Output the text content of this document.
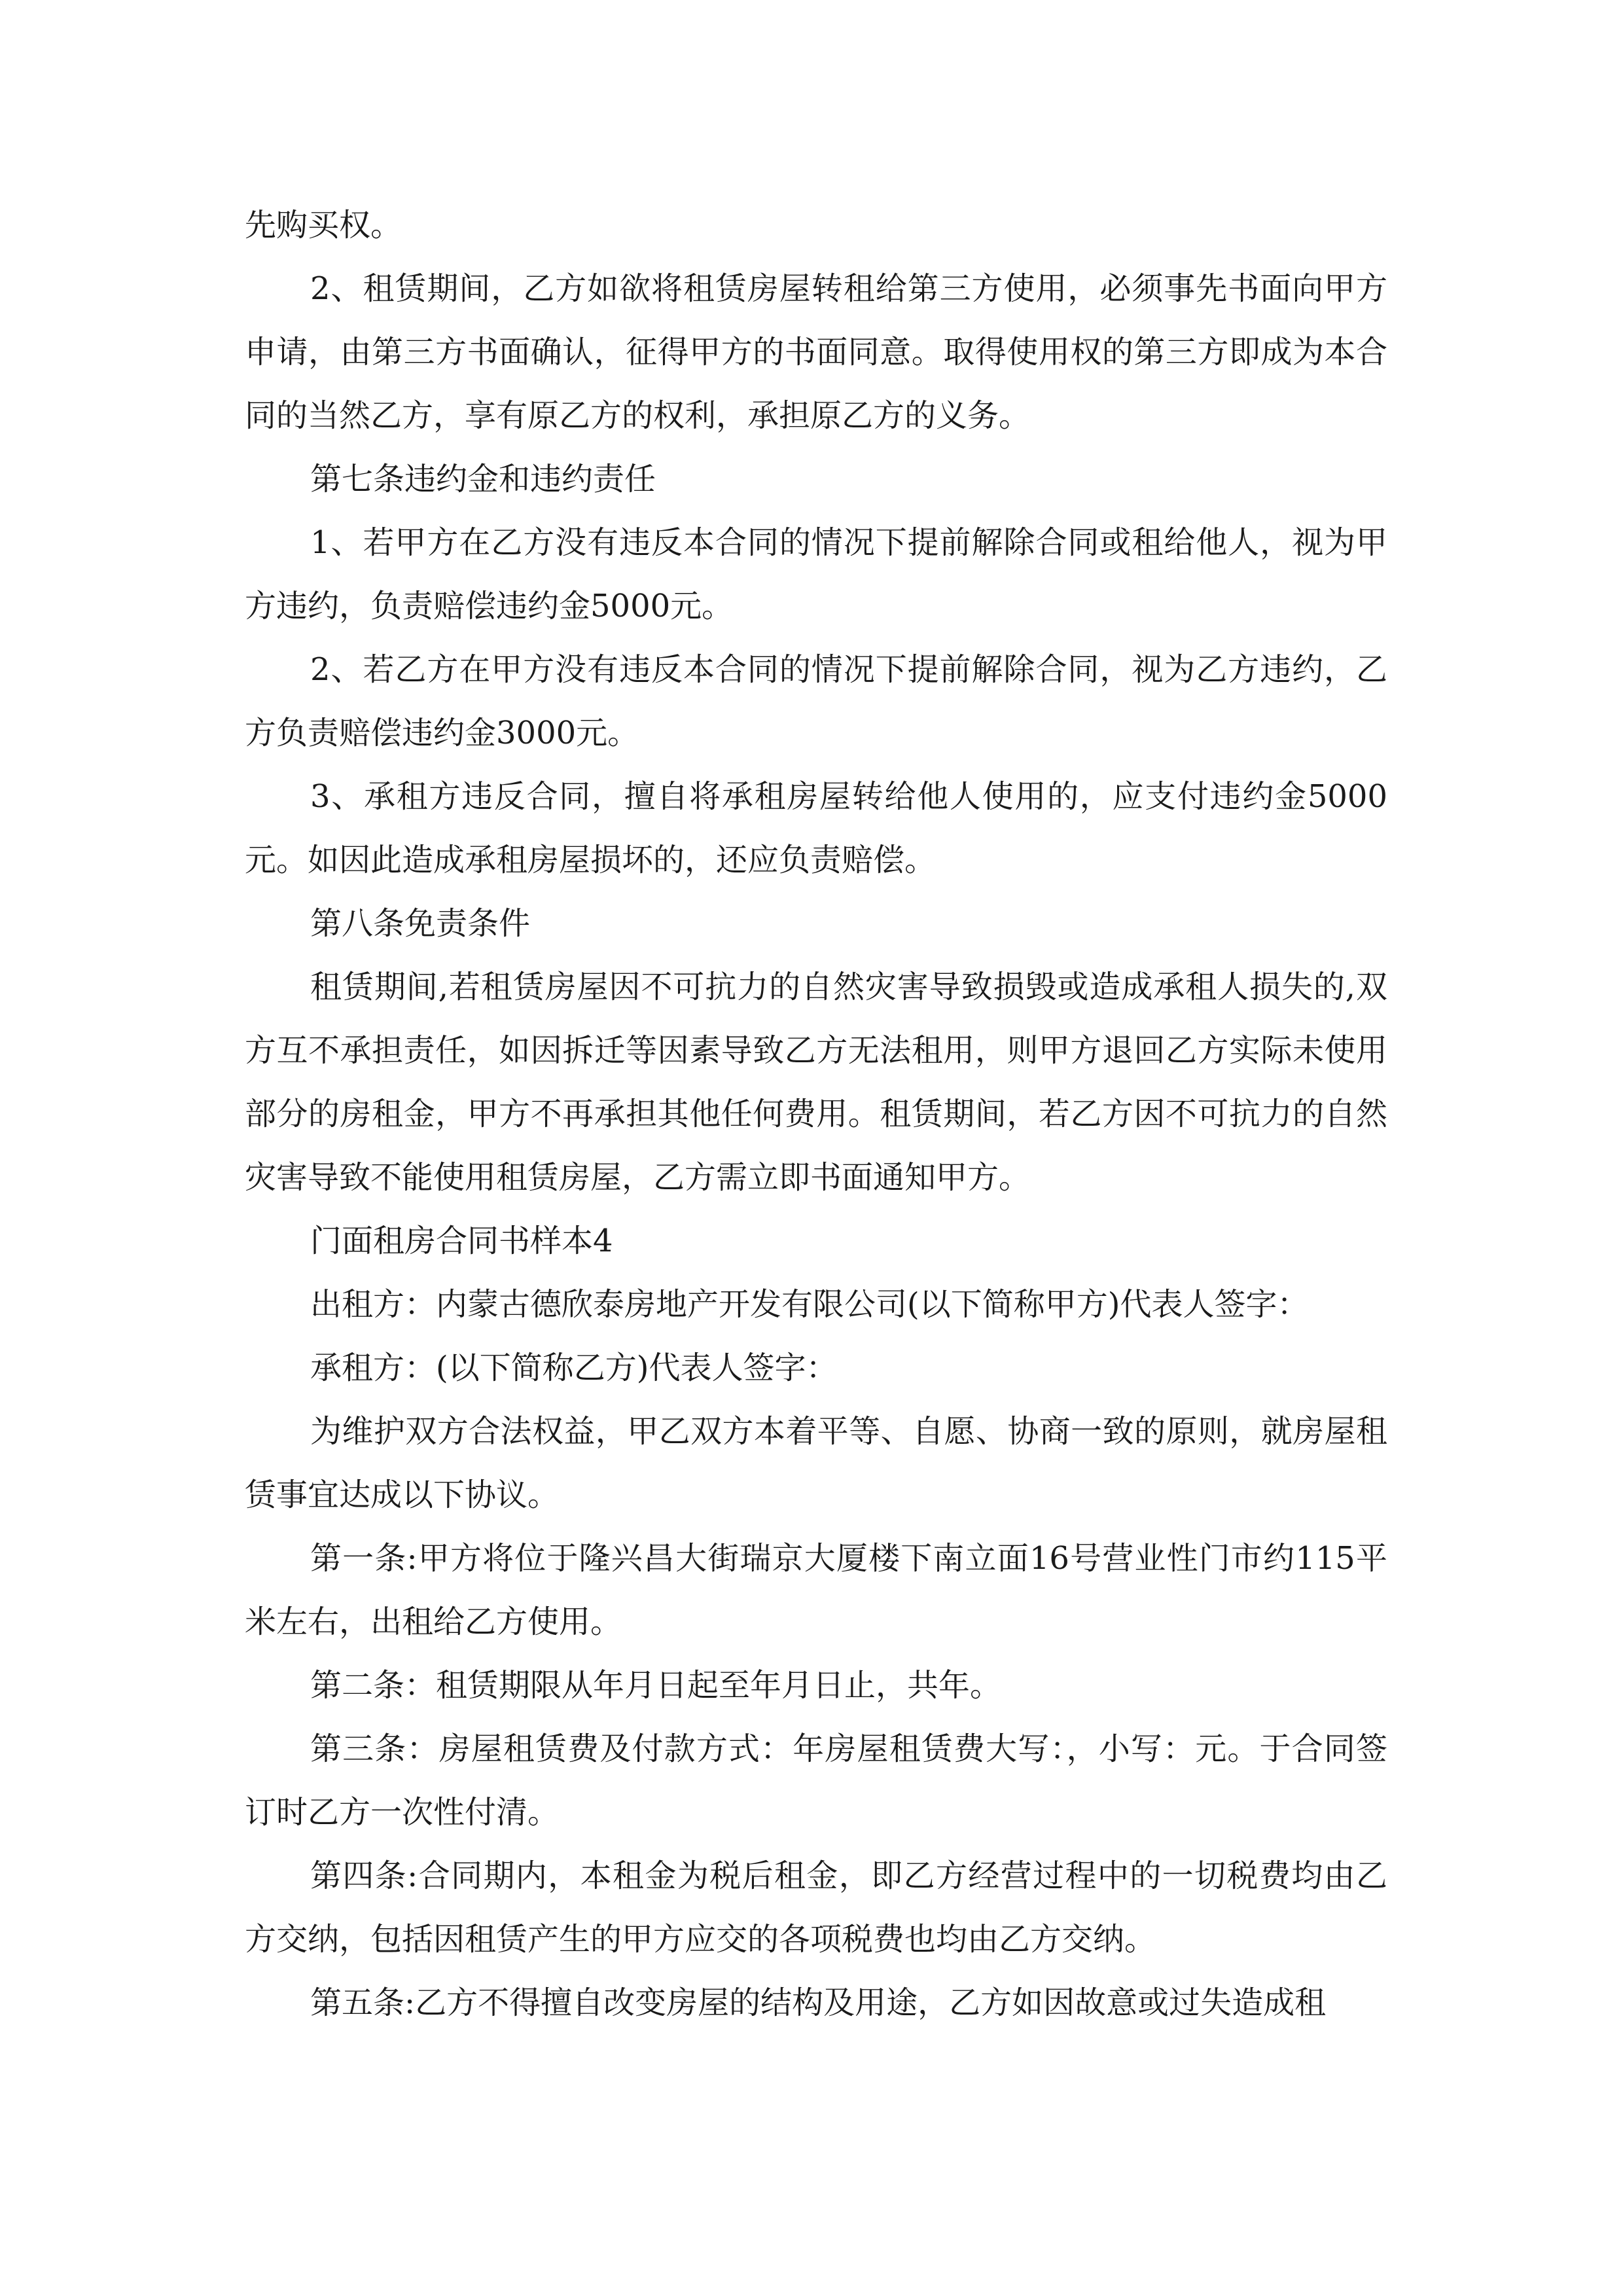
先购买权。

2、租赁期间，乙方如欲将租赁房屋转租给第三方使用，必须事先书面向甲方申请，由第三方书面确认，征得甲方的书面同意。取得使用权的第三方即成为本合同的当然乙方，享有原乙方的权利，承担原乙方的义务。

第七条违约金和违约责任

1、若甲方在乙方没有违反本合同的情况下提前解除合同或租给他人，视为甲方违约，负责赔偿违约金5000元。

2、若乙方在甲方没有违反本合同的情况下提前解除合同，视为乙方违约，乙方负责赔偿违约金3000元。

3、承租方违反合同，擅自将承租房屋转给他人使用的，应支付违约金5000元。如因此造成承租房屋损坏的，还应负责赔偿。

第八条免责条件

租赁期间,若租赁房屋因不可抗力的自然灾害导致损毁或造成承租人损失的,双方互不承担责任，如因拆迁等因素导致乙方无法租用，则甲方退回乙方实际未使用部分的房租金，甲方不再承担其他任何费用。租赁期间，若乙方因不可抗力的自然灾害导致不能使用租赁房屋，乙方需立即书面通知甲方。

门面租房合同书样本4

出租方：内蒙古德欣泰房地产开发有限公司(以下简称甲方)代表人签字：

承租方：(以下简称乙方)代表人签字：

为维护双方合法权益，甲乙双方本着平等、自愿、协商一致的原则，就房屋租赁事宜达成以下协议。

第一条:甲方将位于隆兴昌大街瑞京大厦楼下南立面16号营业性门市约115平米左右，出租给乙方使用。

第二条：租赁期限从年月日起至年月日止，共年。

第三条：房屋租赁费及付款方式：年房屋租赁费大写：，小写：元。于合同签订时乙方一次性付清。

第四条:合同期内，本租金为税后租金，即乙方经营过程中的一切税费均由乙方交纳，包括因租赁产生的甲方应交的各项税费也均由乙方交纳。

第五条:乙方不得擅自改变房屋的结构及用途，乙方如因故意或过失造成租
